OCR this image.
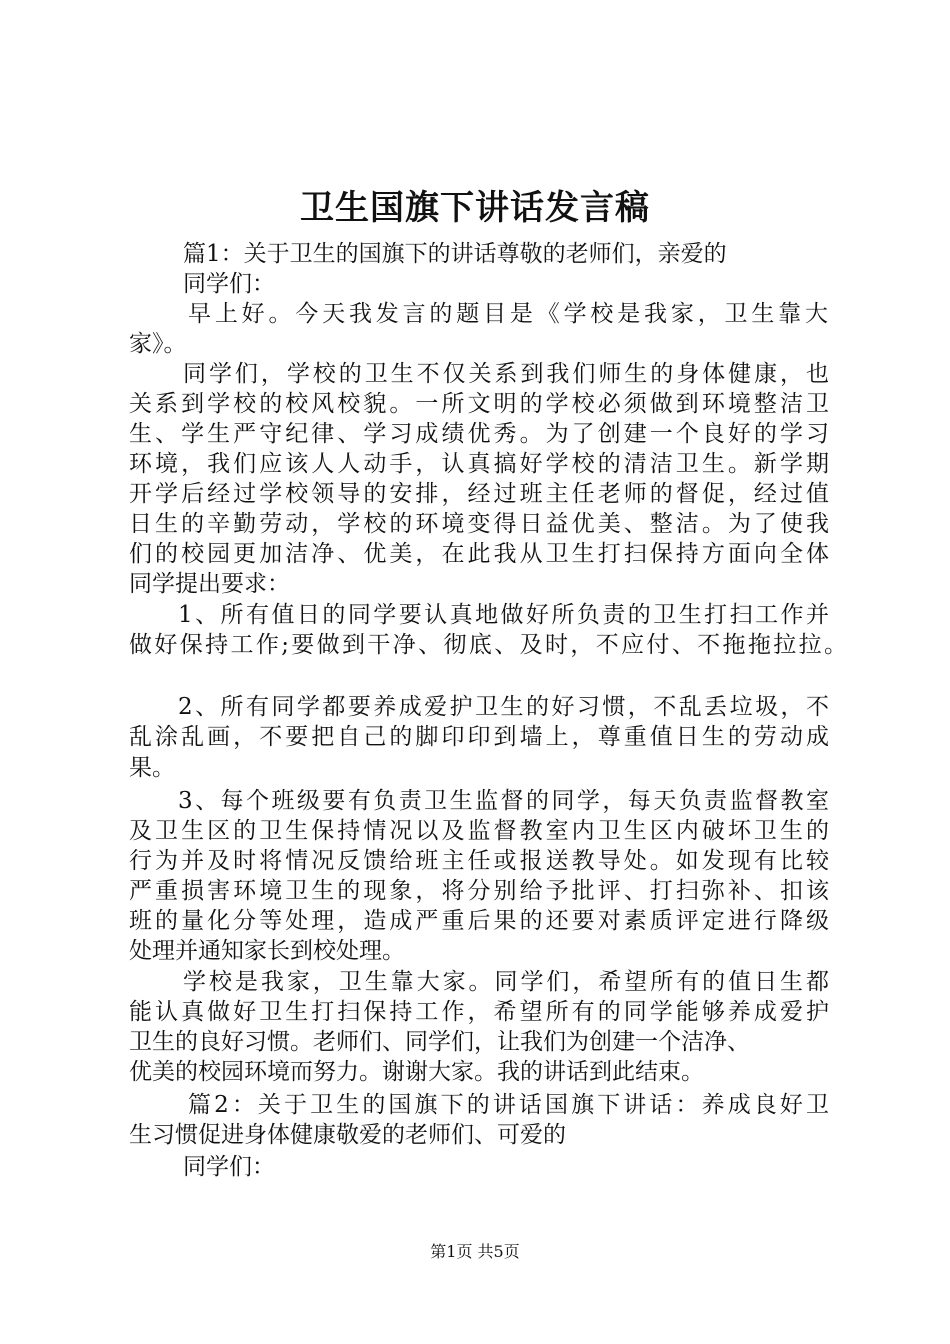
卫生国旗下讲话发言稿
篇1：关于卫生的国旗下的讲话尊敬的老师们，亲爱的
同学们：
早上好。今天我发言的题目是《学校是我家，卫生靠大
家》。
同学们，学校的卫生不仅关系到我们师生的身体健康，也
关系到学校的校风校貌。一所文明的学校必须做到环境整洁卫
生、学生严守纪律、学习成绩优秀。为了创建一个良好的学习
环境，我们应该人人动手，认真搞好学校的清洁卫生。新学期
开学后经过学校领导的安排，经过班主任老师的督促，经过值
日生的辛勤劳动，学校的环境变得日益优美、整洁。为了使我
们的校园更加洁净、优美，在此我从卫生打扫保持方面向全体
同学提出要求：
1、所有值日的同学要认真地做好所负责的卫生打扫工作并
做好保持工作;要做到干净、彻底、及时，不应付、不拖拖拉拉。
2、所有同学都要养成爱护卫生的好习惯，不乱丢垃圾，不
乱涂乱画，不要把自己的脚印印到墙上，尊重值日生的劳动成
果。
3、每个班级要有负责卫生监督的同学，每天负责监督教室
及卫生区的卫生保持情况以及监督教室内卫生区内破坏卫生的
行为并及时将情况反馈给班主任或报送教导处。如发现有比较
严重损害环境卫生的现象，将分别给予批评、打扫弥补、扣该
班的量化分等处理，造成严重后果的还要对素质评定进行降级
处理并通知家长到校处理。
学校是我家，卫生靠大家。同学们，希望所有的值日生都
能认真做好卫生打扫保持工作，希望所有的同学能够养成爱护
卫生的良好习惯。老师们、同学们，让我们为创建一个洁净、
优美的校园环境而努力。谢谢大家。我的讲话到此结束。
篇2：关于卫生的国旗下的讲话国旗下讲话：养成良好卫
生习惯促进身体健康敬爱的老师们、可爱的
同学们：
第1页 共5页
